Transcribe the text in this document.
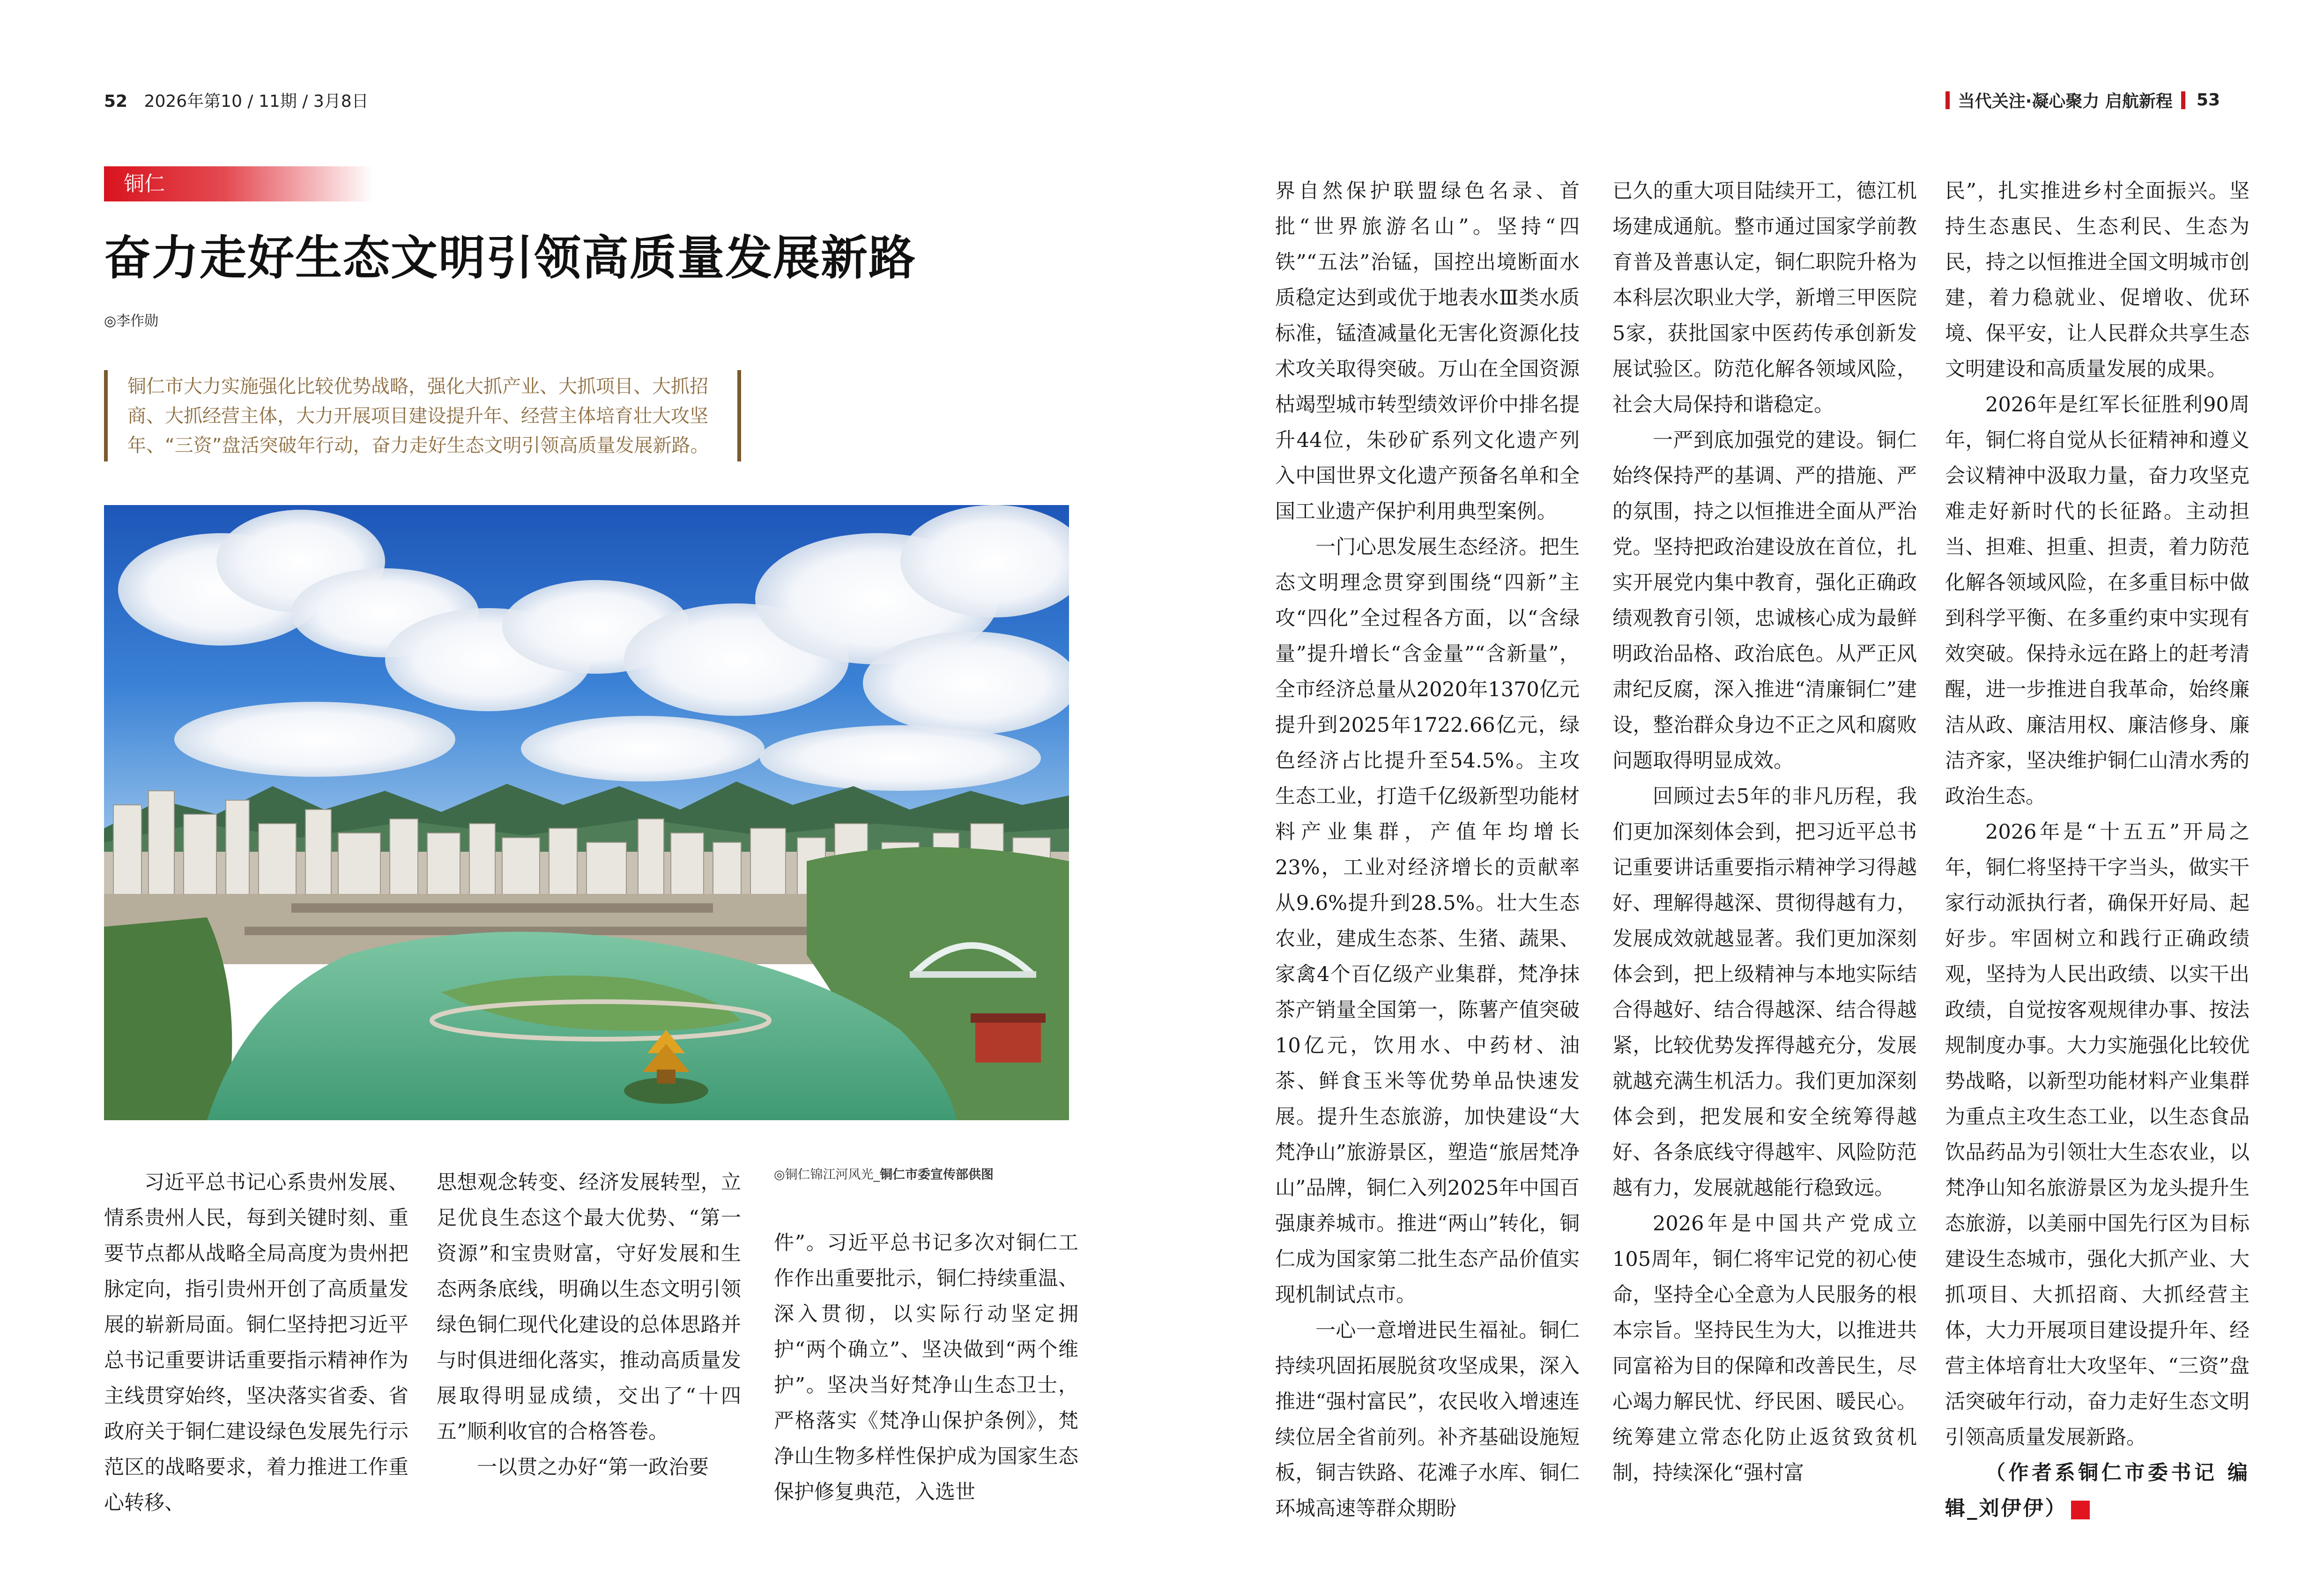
52 2026年第10 / 11期 / 3月8日	当代关注·凝心聚力 启航新程 53
铜仁
奋力走好生态文明引领高质量发展新路
◎李作勋
铜仁市大力实施强化比较优势战略，强化大抓产业、大抓项目、大抓招商、大抓经营主体，大力开展项目建设提升年、经营主体培育壮大攻坚年、“三资”盘活突破年行动，奋力走好生态文明引领高质量发展新路。
◎铜仁锦江河风光_铜仁市委宣传部供图

习近平总书记心系贵州发展、情系贵州人民，每到关键时刻、重要节点都从战略全局高度为贵州把脉定向，指引贵州开创了高质量发展的崭新局面。铜仁坚持把习近平总书记重要讲话重要指示精神作为主线贯穿始终，坚决落实省委、省政府关于铜仁建设绿色发展先行示范区的战略要求，着力推进工作重心转移、

思想观念转变、经济发展转型，立足优良生态这个最大优势、“第一资源”和宝贵财富，守好发展和生态两条底线，明确以生态文明引领绿色铜仁现代化建设的总体思路并与时俱进细化落实，推动高质量发展取得明显成绩，交出了“十四五”顺利收官的合格答卷。

一以贯之办好“第一政治要

件”。习近平总书记多次对铜仁工作作出重要批示，铜仁持续重温、深入贯彻，以实际行动坚定拥护“两个确立”、坚决做到“两个维护”。坚决当好梵净山生态卫士，严格落实《梵净山保护条例》，梵净山生物多样性保护成为国家生态保护修复典范，入选世

界自然保护联盟绿色名录、首批“世界旅游名山”。坚持“四铁”“五法”治锰，国控出境断面水质稳定达到或优于地表水Ⅲ类水质标准，锰渣减量化无害化资源化技术攻关取得突破。万山在全国资源枯竭型城市转型绩效评价中排名提升44位，朱砂矿系列文化遗产列入中国世界文化遗产预备名单和全国工业遗产保护利用典型案例。

一门心思发展生态经济。把生态文明理念贯穿到围绕“四新”主攻“四化”全过程各方面，以“含绿量”提升增长“含金量”“含新量”，全市经济总量从2020年1370亿元提升到2025年1722.66亿元，绿色经济占比提升至54.5%。主攻生态工业，打造千亿级新型功能材料产业集群，产值年均增长23%，工业对经济增长的贡献率从9.6%提升到28.5%。壮大生态农业，建成生态茶、生猪、蔬果、家禽4个百亿级产业集群，梵净抹茶产销量全国第一，陈薯产值突破10亿元，饮用水、中药材、油茶、鲜食玉米等优势单品快速发展。提升生态旅游，加快建设“大梵净山”旅游景区，塑造“旅居梵净山”品牌，铜仁入列2025年中国百强康养城市。推进“两山”转化，铜仁成为国家第二批生态产品价值实现机制试点市。

一心一意增进民生福祉。铜仁持续巩固拓展脱贫攻坚成果，深入推进“强村富民”，农民收入增速连续位居全省前列。补齐基础设施短板，铜吉铁路、花滩子水库、铜仁环城高速等群众期盼

已久的重大项目陆续开工，德江机场建成通航。整市通过国家学前教育普及普惠认定，铜仁职院升格为本科层次职业大学，新增三甲医院5家，获批国家中医药传承创新发展试验区。防范化解各领域风险，社会大局保持和谐稳定。

一严到底加强党的建设。铜仁始终保持严的基调、严的措施、严的氛围，持之以恒推进全面从严治党。坚持把政治建设放在首位，扎实开展党内集中教育，强化正确政绩观教育引领，忠诚核心成为最鲜明政治品格、政治底色。从严正风肃纪反腐，深入推进“清廉铜仁”建设，整治群众身边不正之风和腐败问题取得明显成效。

回顾过去5年的非凡历程，我们更加深刻体会到，把习近平总书记重要讲话重要指示精神学习得越好、理解得越深、贯彻得越有力，发展成效就越显著。我们更加深刻体会到，把上级精神与本地实际结合得越好、结合得越深、结合得越紧，比较优势发挥得越充分，发展就越充满生机活力。我们更加深刻体会到，把发展和安全统筹得越好、各条底线守得越牢、风险防范越有力，发展就越能行稳致远。

2026年是中国共产党成立105周年，铜仁将牢记党的初心使命，坚持全心全意为人民服务的根本宗旨。坚持民生为大，以推进共同富裕为目的保障和改善民生，尽心竭力解民忧、纾民困、暖民心。统筹建立常态化防止返贫致贫机制，持续深化“强村富

民”，扎实推进乡村全面振兴。坚持生态惠民、生态利民、生态为民，持之以恒推进全国文明城市创建，着力稳就业、促增收、优环境、保平安，让人民群众共享生态文明建设和高质量发展的成果。

2026年是红军长征胜利90周年，铜仁将自觉从长征精神和遵义会议精神中汲取力量，奋力攻坚克难走好新时代的长征路。主动担当、担难、担重、担责，着力防范化解各领域风险，在多重目标中做到科学平衡、在多重约束中实现有效突破。保持永远在路上的赶考清醒，进一步推进自我革命，始终廉洁从政、廉洁用权、廉洁修身、廉洁齐家，坚决维护铜仁山清水秀的政治生态。

2026年是“十五五”开局之年，铜仁将坚持干字当头，做实干家行动派执行者，确保开好局、起好步。牢固树立和践行正确政绩观，坚持为人民出政绩、以实干出政绩，自觉按客观规律办事、按法规制度办事。大力实施强化比较优势战略，以新型功能材料产业集群为重点主攻生态工业，以生态食品饮品药品为引领壮大生态农业，以梵净山知名旅游景区为龙头提升生态旅游，以美丽中国先行区为目标建设生态城市，强化大抓产业、大抓项目、大抓招商、大抓经营主体，大力开展项目建设提升年、经营主体培育壮大攻坚年、“三资”盘活突破年行动，奋力走好生态文明引领高质量发展新路。

（作者系铜仁市委书记 编辑_刘伊伊）	D
